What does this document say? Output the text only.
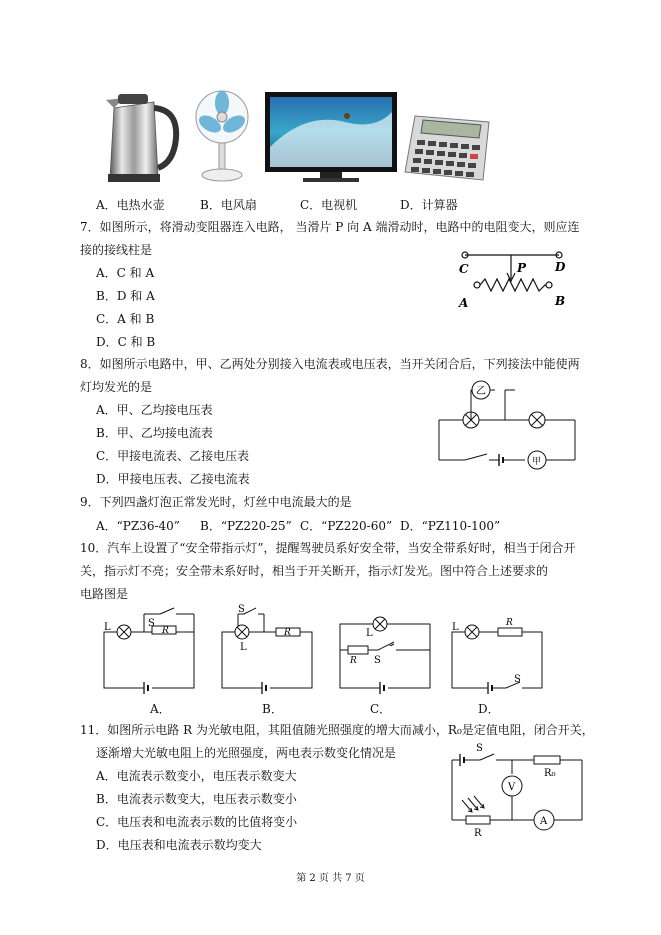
A．电热水壶	B．电风扇	C．电视机	D．计算器
7．如图所示，将滑动变阻器连入电路， 当滑片 P 向 A 端滑动时，电路中的电阻变大，则应连
接的接线柱是
A．C 和 A
B．D 和 A
C．A 和 B
D．C 和 B
C	D
P
A	B
8．如图所示电路中，甲、乙两处分别接入电流表或电压表，当开关闭合后，下列接法中能使两
灯均发光的是
A．甲、乙均接电压表
B．甲、乙均接电流表
C．甲接电流表、乙接电压表
D．甲接电压表、乙接电流表
乙
甲
9．下列四盏灯泡正常发光时，灯丝中电流最大的是
A．“PZ36-40” B．“PZ220-25” C．“PZ220-60” D．“PZ110-100”
10．汽车上设置了“安全带指示灯”，提醒驾驶员系好安全带，当安全带系好时，相当于闭合开
关，指示灯不亮；安全带未系好时，相当于开关断开，指示灯发光。图中符合上述要求的
电路图是
L	S
R
A．
L
S
R
B．
L
S
R
C．
L
S
R
D．
11．如图所示电路 R 为光敏电阻，其阻值随光照强度的增大而减小，R₀是定值电阻，闭合开关，
逐渐增大光敏电阻上的光照强度，两电表示数变化情况是
A．电流表示数变小，电压表示数变大
B．电流表示数变大，电压表示数变小
C．电压表和电流表示数的比值将变小
D．电压表和电流表示数均变大
S
R₀
V
A
R
第 2 页 共 7 页
